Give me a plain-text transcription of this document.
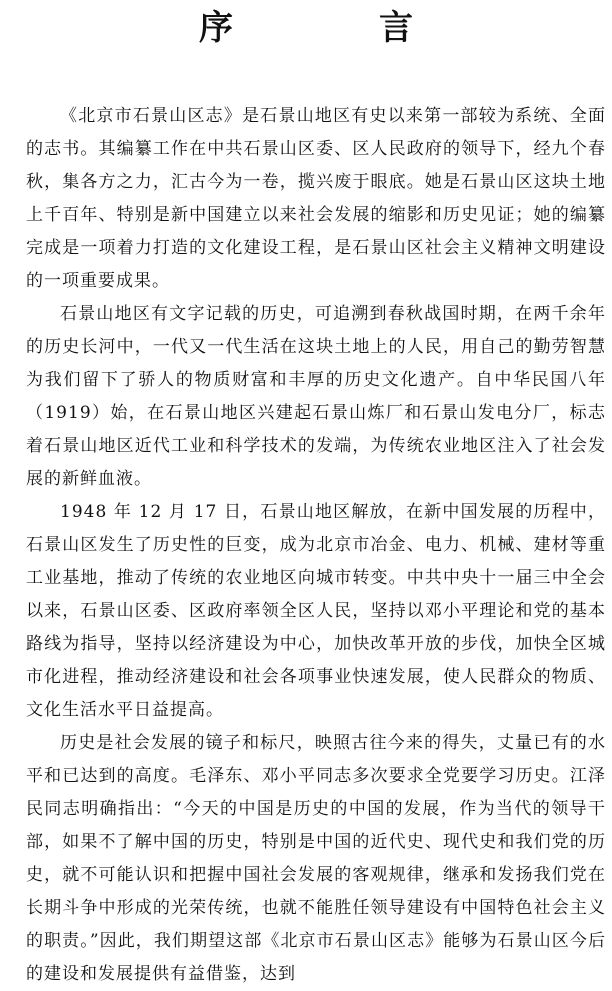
序　言

《北京市石景山区志》是石景山地区有史以来第一部较为系统、全面的志书。其编纂工作在中共石景山区委、区人民政府的领导下，经九个春秋，集各方之力，汇古今为一卷，揽兴废于眼底。她是石景山区这块土地上千百年、特别是新中国建立以来社会发展的缩影和历史见证；她的编纂完成是一项着力打造的文化建设工程，是石景山区社会主义精神文明建设的一项重要成果。

石景山地区有文字记载的历史，可追溯到春秋战国时期，在两千余年的历史长河中，一代又一代生活在这块土地上的人民，用自己的勤劳智慧为我们留下了骄人的物质财富和丰厚的历史文化遗产。自中华民国八年（1919）始，在石景山地区兴建起石景山炼厂和石景山发电分厂，标志着石景山地区近代工业和科学技术的发端，为传统农业地区注入了社会发展的新鲜血液。

1948 年 12 月 17 日，石景山地区解放，在新中国发展的历程中，石景山区发生了历史性的巨变，成为北京市冶金、电力、机械、建材等重工业基地，推动了传统的农业地区向城市转变。中共中央十一届三中全会以来，石景山区委、区政府率领全区人民，坚持以邓小平理论和党的基本路线为指导，坚持以经济建设为中心，加快改革开放的步伐，加快全区城市化进程，推动经济建设和社会各项事业快速发展，使人民群众的物质、文化生活水平日益提高。

历史是社会发展的镜子和标尺，映照古往今来的得失，丈量已有的水平和已达到的高度。毛泽东、邓小平同志多次要求全党要学习历史。江泽民同志明确指出：“今天的中国是历史的中国的发展，作为当代的领导干部，如果不了解中国的历史，特别是中国的近代史、现代史和我们党的历史，就不可能认识和把握中国社会发展的客观规律，继承和发扬我们党在长期斗争中形成的光荣传统，也就不能胜任领导建设有中国特色社会主义的职责。”因此，我们期望这部《北京市石景山区志》能够为石景山区今后的建设和发展提供有益借鉴，达到
